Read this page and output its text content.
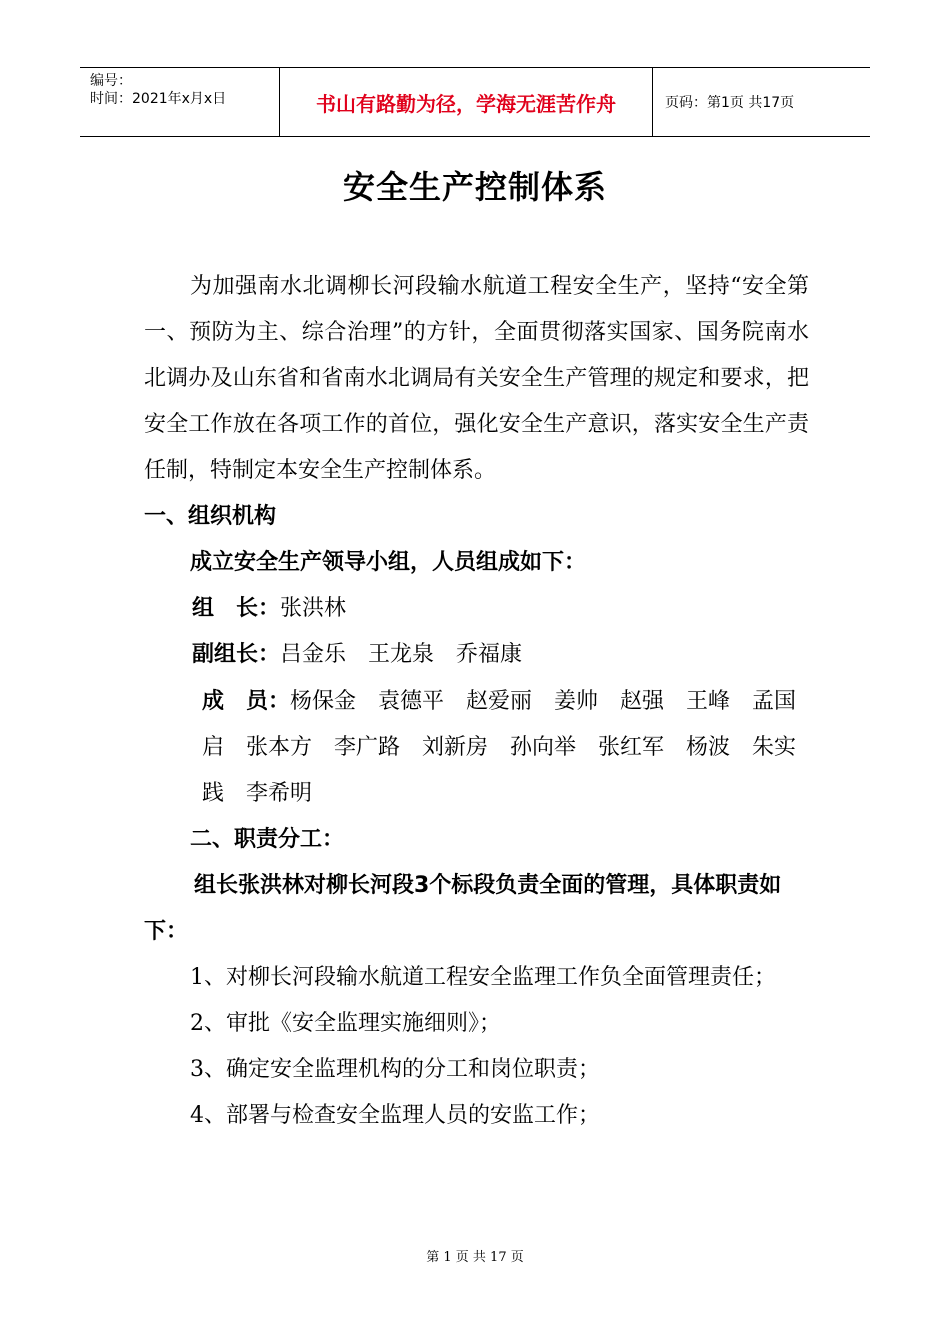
编号：
时间：2021年x月x日	书山有路勤为径，学海无涯苦作舟	页码：第1页 共17页
安全生产控制体系

为加强南水北调柳长河段输水航道工程安全生产，坚持“安全第一、预防为主、综合治理”的方针，全面贯彻落实国家、国务院南水北调办及山东省和省南水北调局有关安全生产管理的规定和要求，把安全工作放在各项工作的首位，强化安全生产意识，落实安全生产责任制，特制定本安全生产控制体系。

一、组织机构

成立安全生产领导小组，人员组成如下：

组　长：张洪林

副组长：吕金乐　王龙泉　乔福康

成　员：杨保金　袁德平　赵爱丽　姜帅　赵强　王峰　孟国启　张本方　李广路　刘新房　孙向举　张红军　杨波　朱实践　李希明

二、职责分工：

组长张洪林对柳长河段3个标段负责全面的管理，具体职责如下：

1、对柳长河段输水航道工程安全监理工作负全面管理责任；

2、审批《安全监理实施细则》；

3、确定安全监理机构的分工和岗位职责；

4、部署与检查安全监理人员的安监工作；

第 1 页 共 17 页
